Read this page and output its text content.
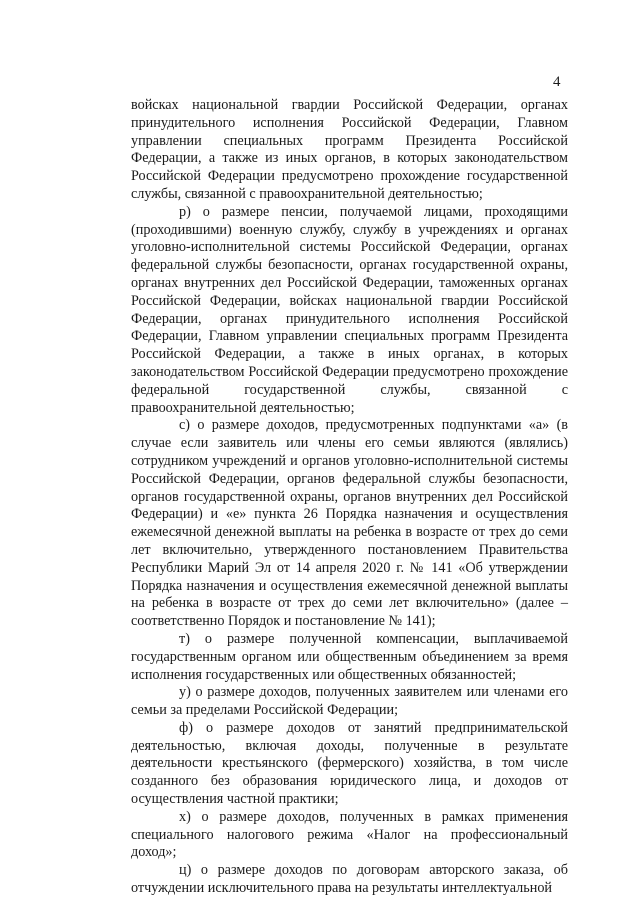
4

войсках национальной гвардии Российской Федерации, органах принудительного исполнения Российской Федерации, Главном управлении специальных программ Президента Российской Федерации, а также из иных органов, в которых законодательством Российской Федерации предусмотрено прохождение государственной службы, связанной с правоохранительной деятельностью;

р) о размере пенсии, получаемой лицами, проходящими (проходившими) военную службу, службу в учреждениях и органах уголовно-исполнительной системы Российской Федерации, органах федеральной службы безопасности, органах государственной охраны, органах внутренних дел Российской Федерации, таможенных органах Российской Федерации, войсках национальной гвардии Российской Федерации, органах принудительного исполнения Российской Федерации, Главном управлении специальных программ Президента Российской Федерации, а также в иных органах, в которых законодательством Российской Федерации предусмотрено прохождение федеральной государственной службы, связанной с правоохранительной деятельностью;

с) о размере доходов, предусмотренных подпунктами «а» (в случае если заявитель или члены его семьи являются (являлись) сотрудником учреждений и органов уголовно-исполнительной системы Российской Федерации, органов федеральной службы безопасности, органов государственной охраны, органов внутренних дел Российской Федерации) и «е» пункта 26 Порядка назначения и осуществления ежемесячной денежной выплаты на ребенка в возрасте от трех до семи лет включительно, утвержденного постановлением Правительства Республики Марий Эл от 14 апреля 2020 г. № 141 «Об утверждении Порядка назначения и осуществления ежемесячной денежной выплаты на ребенка в возрасте от трех до семи лет включительно» (далее – соответственно Порядок и постановление № 141);

т) о размере полученной компенсации, выплачиваемой государственным органом или общественным объединением за время исполнения государственных или общественных обязанностей;

у) о размере доходов, полученных заявителем или членами его семьи за пределами Российской Федерации;

ф) о размере доходов от занятий предпринимательской деятельностью, включая доходы, полученные в результате деятельности крестьянского (фермерского) хозяйства, в том числе созданного без образования юридического лица, и доходов от осуществления частной практики;

х) о размере доходов, полученных в рамках применения специального налогового режима «Налог на профессиональный доход»;

ц) о размере доходов по договорам авторского заказа, об отчуждении исключительного права на результаты интеллектуальной
